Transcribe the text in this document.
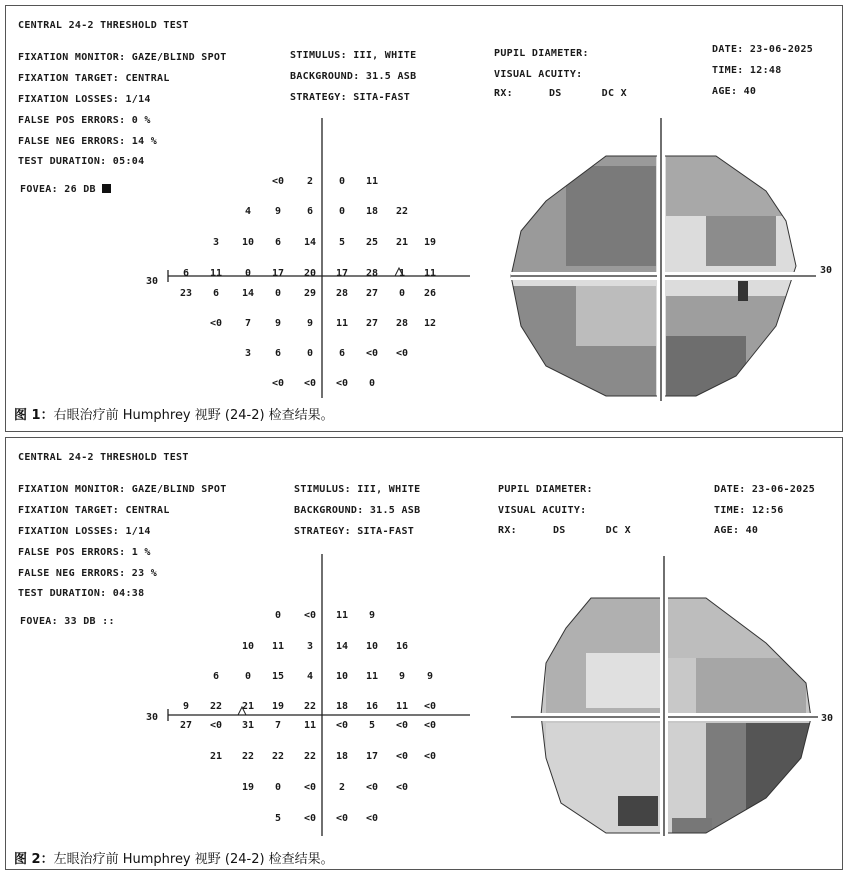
CENTRAL 24-2 THRESHOLD TEST
FIXATION MONITOR: GAZE/BLIND SPOT
FIXATION TARGET: CENTRAL
FIXATION LOSSES: 1/14
FALSE POS ERRORS: 0 %
FALSE NEG ERRORS: 14 %
TEST DURATION: 05:04
FOVEA: 26 DB
STIMULUS: III, WHITE
BACKGROUND: 31.5 ASB
STRATEGY: SITA-FAST
PUPIL DIAMETER:
VISUAL ACUITY:
RX:	DS	DC X
DATE: 23-06-2025
TIME: 12:48
AGE: 40
30
<0 2	0 11
4 9	6	0 18 22
3 10 6 14 5 25 21 19
6 11 0 17 20 17 28 1 11
23 6 14 0 29 28 27 0 26
<0 7 9	9 11 27 28 12
3 6	0	6 <0 <0
<0 <0 <0 0
30
图 1：右眼治疗前 Humphrey 视野 (24-2) 检查结果。
CENTRAL 24-2 THRESHOLD TEST
FIXATION MONITOR: GAZE/BLIND SPOT
FIXATION TARGET: CENTRAL
FIXATION LOSSES: 1/14
FALSE POS ERRORS: 1 %
FALSE NEG ERRORS: 23 %
TEST DURATION: 04:38
FOVEA: 33 DB ::
STIMULUS: III, WHITE
BACKGROUND: 31.5 ASB
STRATEGY: SITA-FAST
PUPIL DIAMETER:
VISUAL ACUITY:
RX:	DS	DC X
DATE: 23-06-2025
TIME: 12:56
AGE: 40
30
0 <0 11 9
10 11 3 14 10 16
6	0 15 4 10 11 9 9
9 22 21 19 22 18 16 11 <0
27 <0 31 7 11 <0 5 <0 <0
21 22 22 22 18 17 <0 <0
19 0 <0 2 <0 <0
5 <0 <0 <0
30
图 2：左眼治疗前 Humphrey 视野 (24-2) 检查结果。
